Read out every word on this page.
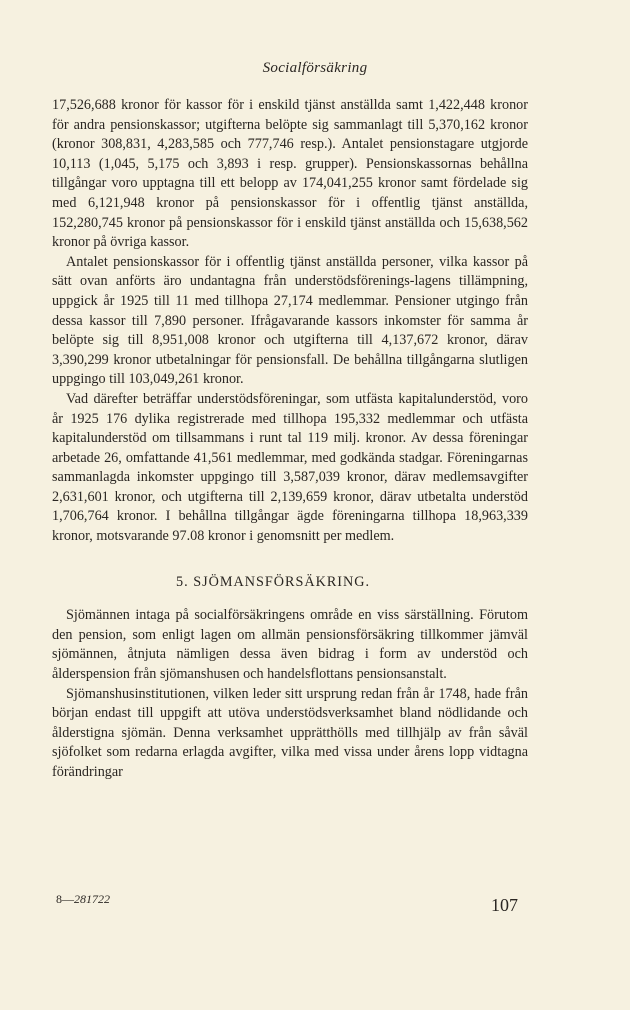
Socialförsäkring

17,526,688 kronor för kassor för i enskild tjänst anställda samt 1,422,448 kronor för andra pensionskassor; utgifterna belöpte sig sammanlagt till 5,370,162 kronor (kronor 308,831, 4,283,585 och 777,746 resp.). Antalet pensionstagare utgjorde 10,113 (1,045, 5,175 och 3,893 i resp. grupper). Pensionskassornas behållna tillgångar voro upptagna till ett belopp av 174,041,255 kronor samt fördelade sig med 6,121,948 kronor på pensionskassor för i offentlig tjänst anställda, 152,280,745 kronor på pensionskassor för i enskild tjänst anställda och 15,638,562 kronor på övriga kassor.

Antalet pensionskassor för i offentlig tjänst anställda personer, vilka kassor på sätt ovan anförts äro undantagna från understödsförenings-lagens tillämpning, uppgick år 1925 till 11 med tillhopa 27,174 medlemmar. Pensioner utgingo från dessa kassor till 7,890 personer. Ifrågavarande kassors inkomster för samma år belöpte sig till 8,951,008 kronor och utgifterna till 4,137,672 kronor, därav 3,390,299 kronor utbetalningar för pensionsfall. De behållna tillgångarna slutligen uppgingo till 103,049,261 kronor.

Vad därefter beträffar understödsföreningar, som utfästa kapitalunderstöd, voro år 1925 176 dylika registrerade med tillhopa 195,332 medlemmar och utfästa kapitalunderstöd om tillsammans i runt tal 119 milj. kronor. Av dessa föreningar arbetade 26, omfattande 41,561 medlemmar, med godkända stadgar. Föreningarnas sammanlagda inkomster uppgingo till 3,587,039 kronor, därav medlemsavgifter 2,631,601 kronor, och utgifterna till 2,139,659 kronor, därav utbetalta understöd 1,706,764 kronor. I behållna tillgångar ägde föreningarna tillhopa 18,963,339 kronor, motsvarande 97.08 kronor i genomsnitt per medlem.

5. SJÖMANSFÖRSÄKRING.

Sjömännen intaga på socialförsäkringens område en viss särställning. Förutom den pension, som enligt lagen om allmän pensionsförsäkring tillkommer jämväl sjömännen, åtnjuta nämligen dessa även bidrag i form av understöd och ålderspension från sjömanshusen och handelsflottans pensionsanstalt.

Sjömanshusinstitutionen, vilken leder sitt ursprung redan från år 1748, hade från början endast till uppgift att utöva understödsverksamhet bland nödlidande och ålderstigna sjömän. Denna verksamhet upprätthölls med tillhjälp av från såväl sjöfolket som redarna erlagda avgifter, vilka med vissa under årens lopp vidtagna förändringar

8—281722	107
